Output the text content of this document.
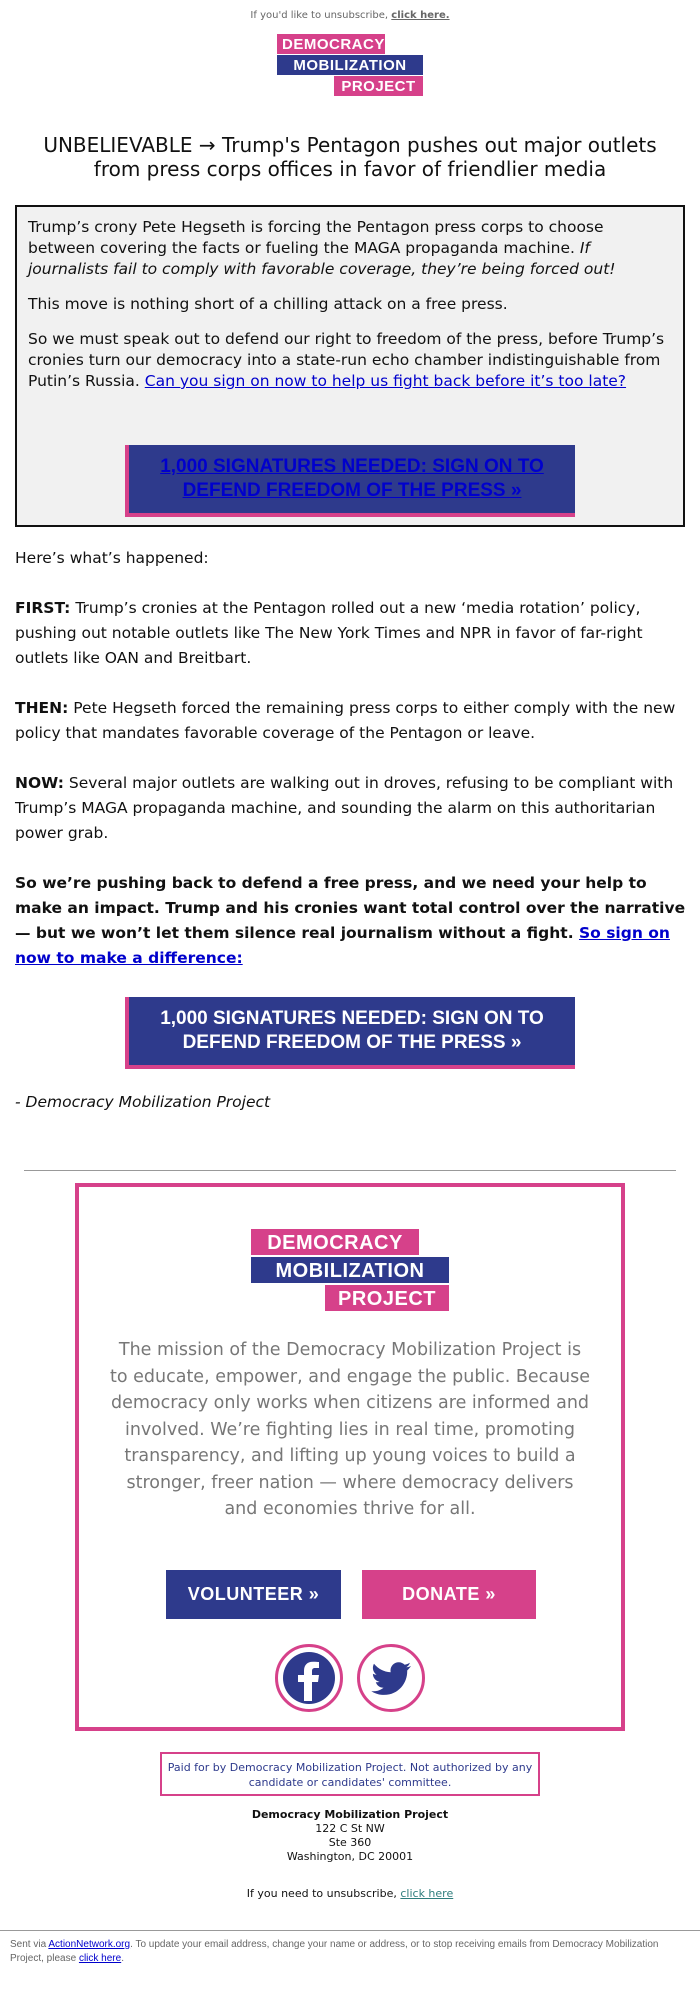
If you'd like to unsubscribe, click here.
DEMOCRACY
MOBILIZATION
PROJECT
UNBELIEVABLE → Trump's Pentagon pushes out major outlets from press corps offices in favor of friendlier media

Trump’s crony Pete Hegseth is forcing the Pentagon press corps to choose between covering the facts or fueling the MAGA propaganda machine. If journalists fail to comply with favorable coverage, they’re being forced out!

This move is nothing short of a chilling attack on a free press.

So we must speak out to defend our right to freedom of the press, before Trump’s cronies turn our democracy into a state-run echo chamber indistinguishable from Putin’s Russia. Can you sign on now to help us fight back before it’s too late?

1,000 SIGNATURES NEEDED: SIGN ON TO DEFEND FREEDOM OF THE PRESS »

Here’s what’s happened:

FIRST: Trump’s cronies at the Pentagon rolled out a new ‘media rotation’ policy, pushing out notable outlets like The New York Times and NPR in favor of far-right outlets like OAN and Breitbart.

THEN: Pete Hegseth forced the remaining press corps to either comply with the new policy that mandates favorable coverage of the Pentagon or leave.

NOW: Several major outlets are walking out in droves, refusing to be compliant with Trump’s MAGA propaganda machine, and sounding the alarm on this authoritarian power grab.

So we’re pushing back to defend a free press, and we need your help to make an impact. Trump and his cronies want total control over the narrative — but we won’t let them silence real journalism without a fight. So sign on now to make a difference:

1,000 SIGNATURES NEEDED: SIGN ON TO DEFEND FREEDOM OF THE PRESS »
- Democracy Mobilization Project
DEMOCRACY
MOBILIZATION
PROJECT
The mission of the Democracy Mobilization Project is to educate, empower, and engage the public. Because democracy only works when citizens are informed and involved. We’re fighting lies in real time, promoting transparency, and lifting up young voices to build a stronger, freer nation — where democracy delivers and economies thrive for all.
VOLUNTEER »	DONATE »
Paid for by Democracy Mobilization Project. Not authorized by any candidate or candidates' committee.
Democracy Mobilization Project
122 C St NW
Ste 360
Washington, DC 20001
If you need to unsubscribe, click here
Sent via ActionNetwork.org. To update your email address, change your name or address, or to stop receiving emails from Democracy Mobilization Project, please click here.
